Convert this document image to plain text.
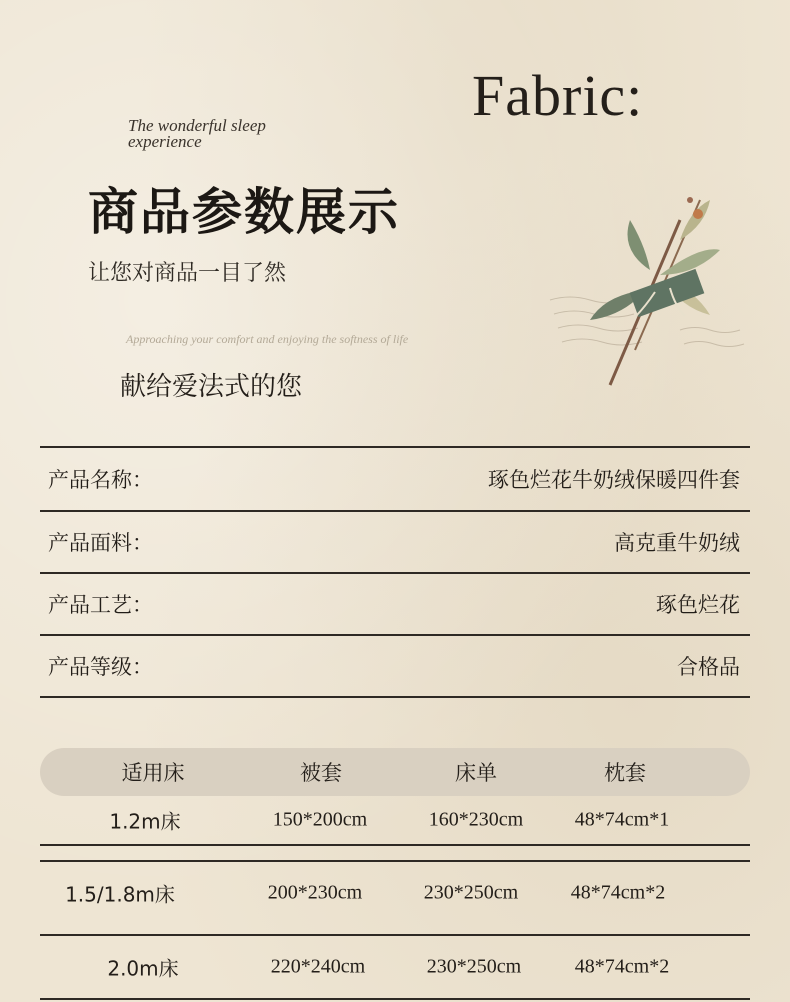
Fabric:
The wonderful sleep
experience
商品参数展示
让您对商品一目了然
Approaching your comfort and enjoying the softness of life
献给爱法式的您
产品名称：	琢色烂花牛奶绒保暖四件套
产品面料：	高克重牛奶绒
产品工艺：	琢色烂花
产品等级：	合格品
适用床	被套	床单	枕套
1.2m床	150*200cm	160*230cm	48*74cm*1
1.5/1.8m床	200*230cm	230*250cm	48*74cm*2
2.0m床	220*240cm	230*250cm	48*74cm*2
